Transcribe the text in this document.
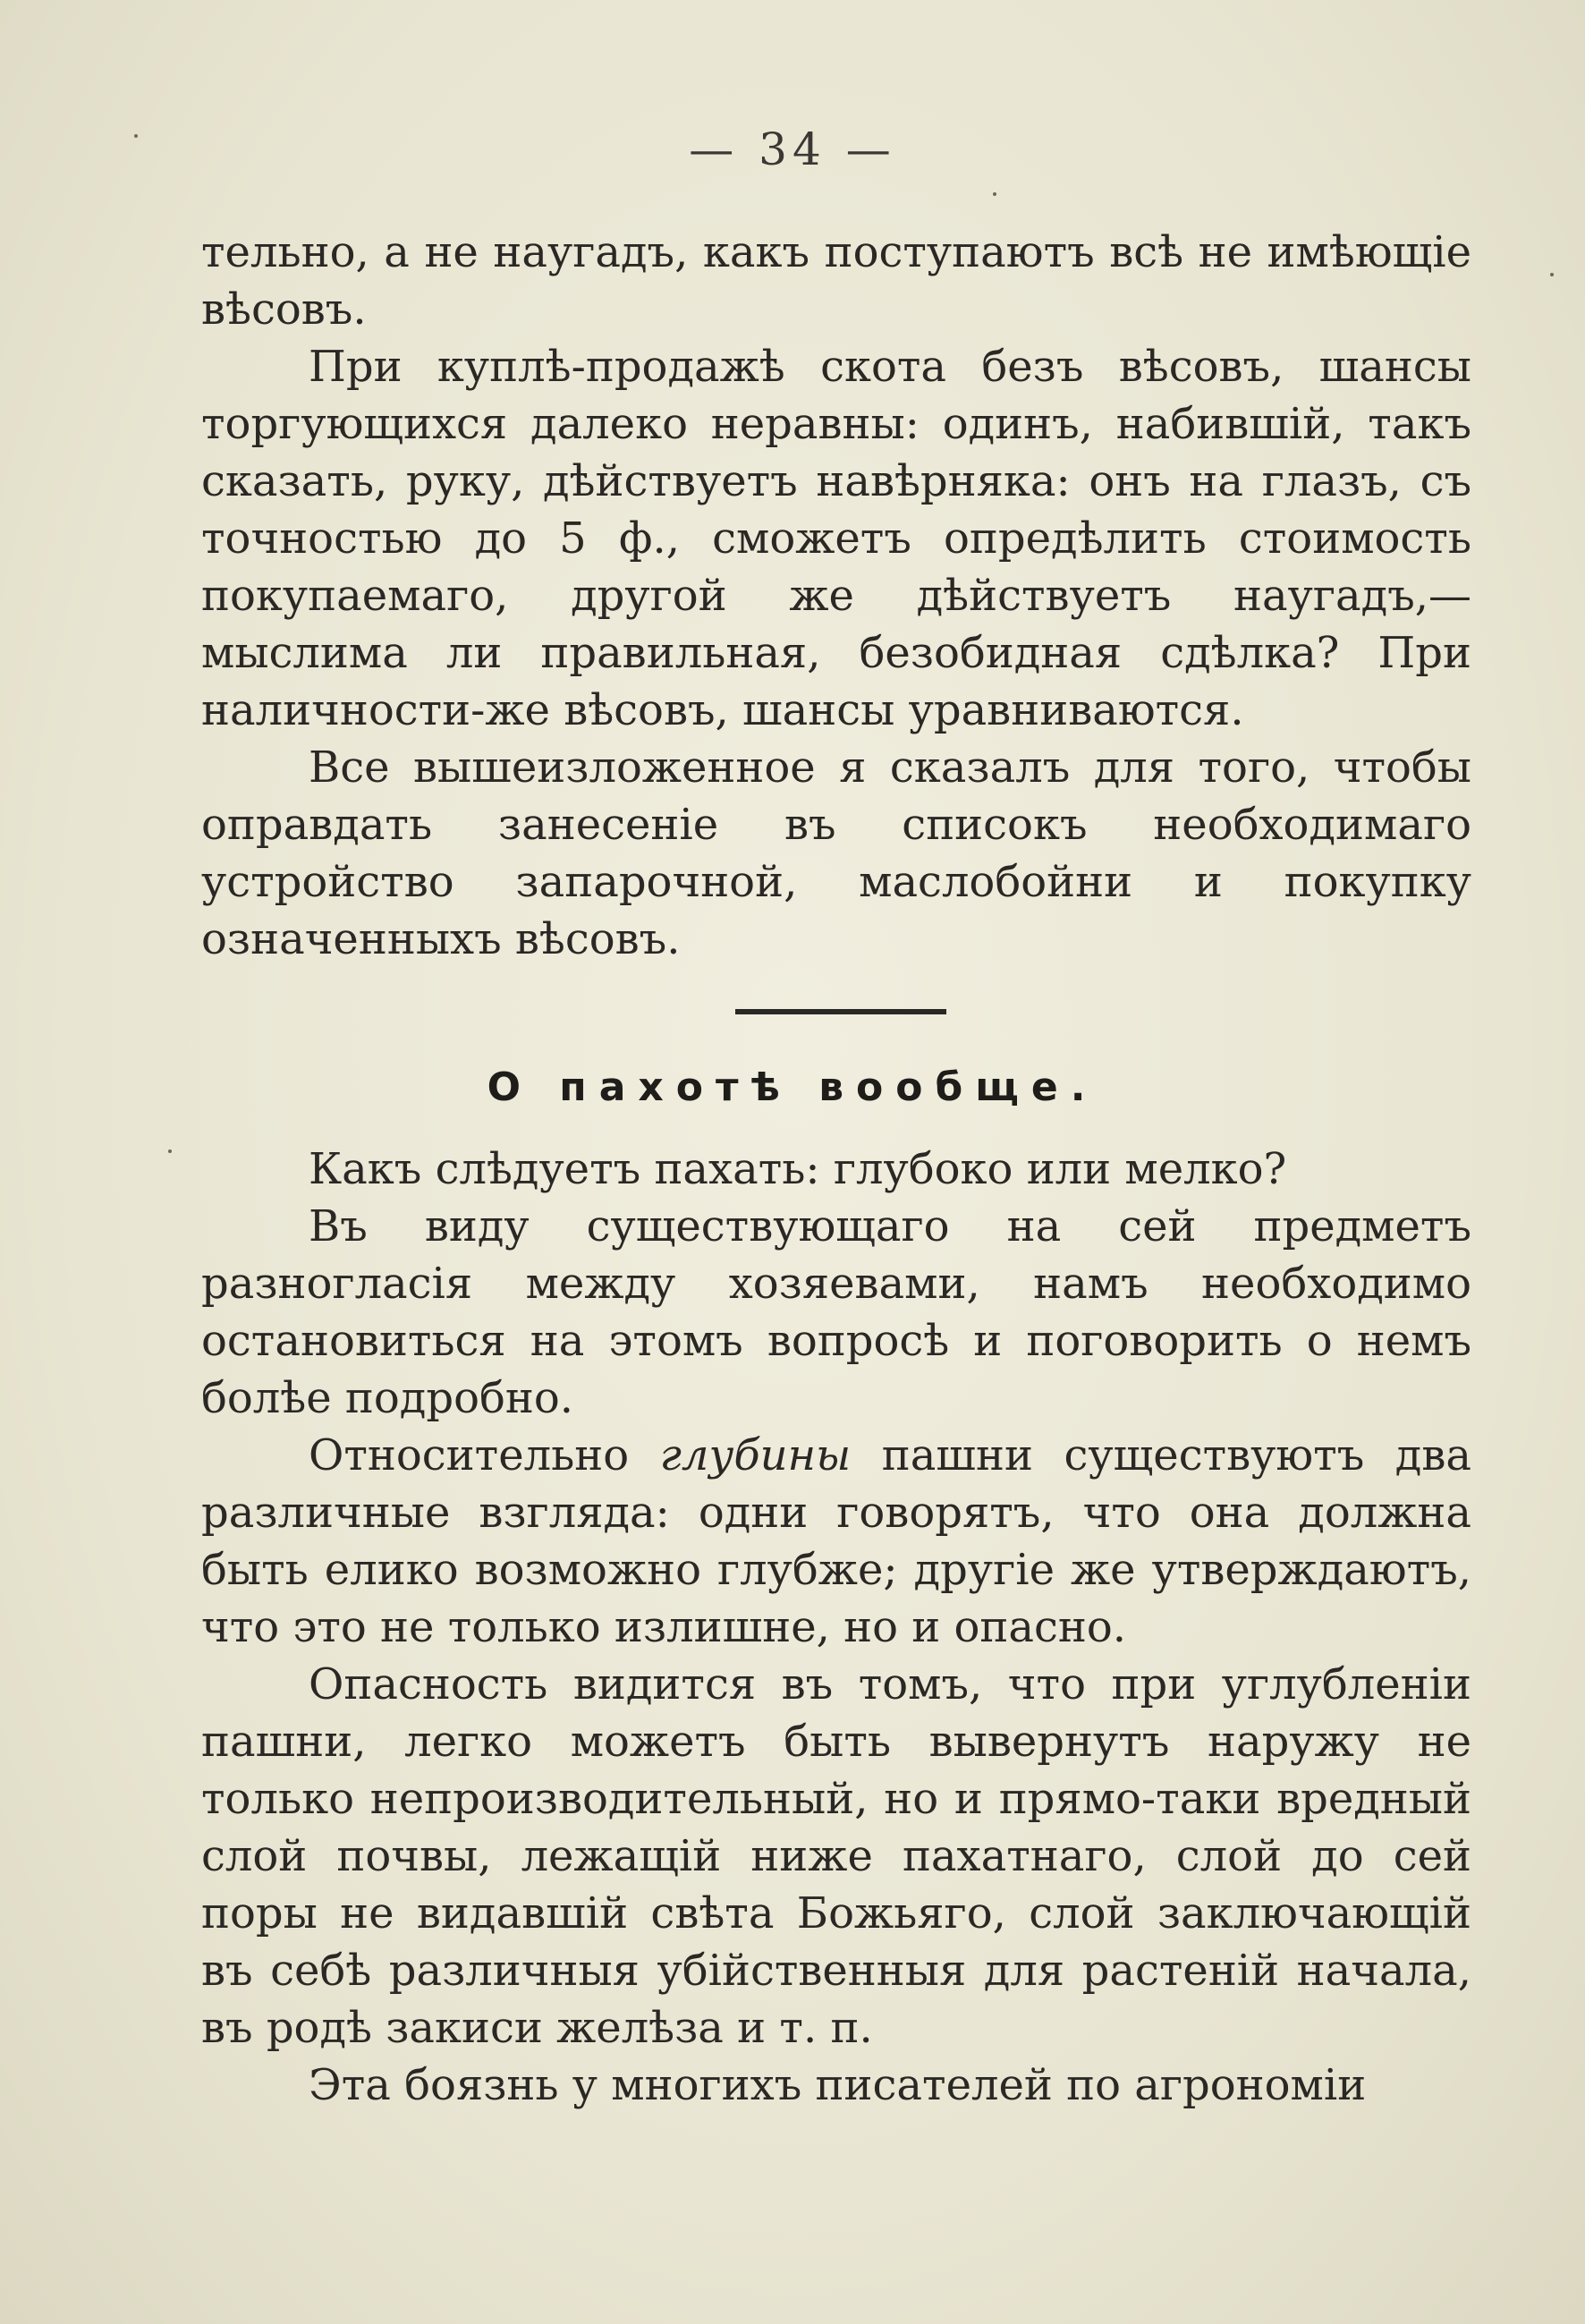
— 34 —

тельно, а не наугадъ, какъ поступаютъ всѣ не имѣющіе вѣсовъ.

При куплѣ-продажѣ скота безъ вѣсовъ, шансы торгующихся далеко неравны: одинъ, набившій, такъ сказать, руку, дѣйствуетъ навѣрняка: онъ на глазъ, съ точностью до 5 ф., сможетъ опредѣлить стоимость покупаемаго, другой же дѣйствуетъ наугадъ,—мыслима ли правильная, безобидная сдѣлка? При наличности-же вѣсовъ, шансы уравниваются.

Все вышеизложенное я сказалъ для того, чтобы оправдать занесеніе въ списокъ необходимаго устройство запарочной, маслобойни и покупку означенныхъ вѣсовъ.

О пахотѣ вообще.

Какъ слѣдуетъ пахать: глубоко или мелко?

Въ виду существующаго на сей предметъ разногласія между хозяевами, намъ необходимо остановиться на этомъ вопросѣ и поговорить о немъ болѣе подробно.

Относительно глубины пашни существуютъ два различные взгляда: одни говорятъ, что она должна быть елико возможно глубже; другіе же утверждаютъ, что это не только излишне, но и опасно.

Опасность видится въ томъ, что при углубленіи пашни, легко можетъ быть вывернутъ наружу не только непроизводительный, но и прямо-таки вредный слой почвы, лежащій ниже пахатнаго, слой до сей поры не видавшій свѣта Божьяго, слой заключающій въ себѣ различныя убійственныя для растеній начала, въ родѣ закиси желѣза и т. п.

Эта боязнь у многихъ писателей по агрономіи
